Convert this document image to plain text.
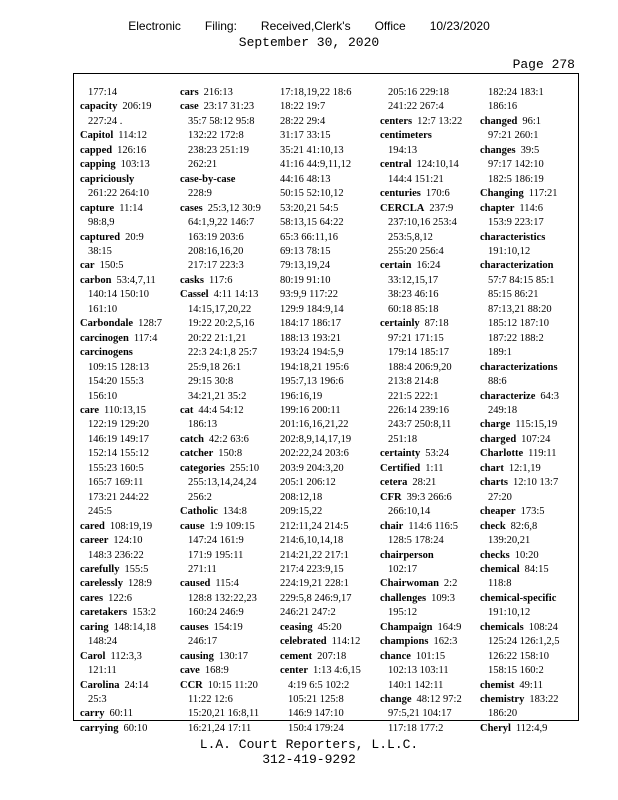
Electronic Filing: Received,Clerk's Office 10/23/2020
September 30, 2020
Page 278
177:14
capacity 206:19
227:24 .
Capitol 114:12
capped 126:16
capping 103:13
capriciously
261:22 264:10
capture 11:14
98:8,9
captured 20:9
38:15
car 150:5
carbon 53:4,7,11
140:14 150:10
161:10
Carbondale 128:7
carcinogen 117:4
carcinogens
109:15 128:13
154:20 155:3
156:10
care 110:13,15
122:19 129:20
146:19 149:17
152:14 155:12
155:23 160:5
165:7 169:11
173:21 244:22
245:5
cared 108:19,19
career 124:10
148:3 236:22
carefully 155:5
carelessly 128:9
cares 122:6
caretakers 153:2
caring 148:14,18
148:24
Carol 112:3,3
121:11
Carolina 24:14
25:3
carry 60:11
carrying 60:10
cars 216:13
case 23:17 31:23
35:7 58:12 95:8
132:22 172:8
238:23 251:19
262:21
case-by-case
228:9
cases 25:3,12 30:9
64:1,9,22 146:7
163:19 203:6
208:16,16,20
217:17 223:3
casks 117:6
Cassel 4:11 14:13
14:15,17,20,22
19:22 20:2,5,16
20:22 21:1,21
22:3 24:1,8 25:7
25:9,18 26:1
29:15 30:8
34:21,21 35:2
cat 44:4 54:12
186:13
catch 42:2 63:6
catcher 150:8
categories 255:10
255:13,14,24,24
256:2
Catholic 134:8
cause 1:9 109:15
147:24 161:9
171:9 195:11
271:11
caused 115:4
128:8 132:22,23
160:24 246:9
causes 154:19
246:17
causing 130:17
cave 168:9
CCR 10:15 11:20
11:22 12:6
15:20,21 16:8,11
16:21,24 17:11
17:18,19,22 18:6
18:22 19:7
28:22 29:4
31:17 33:15
35:21 41:10,13
41:16 44:9,11,12
44:16 48:13
50:15 52:10,12
53:20,21 54:5
58:13,15 64:22
65:3 66:11,16
69:13 78:15
79:13,19,24
80:19 91:10
93:9,9 117:22
129:9 184:9,14
184:17 186:17
188:13 193:21
193:24 194:5,9
194:18,21 195:6
195:7,13 196:6
196:16,19
199:16 200:11
201:16,16,21,22
202:8,9,14,17,19
202:22,24 203:6
203:9 204:3,20
205:1 206:12
208:12,18
209:15,22
212:11,24 214:5
214:6,10,14,18
214:21,22 217:1
217:4 223:9,15
224:19,21 228:1
229:5,8 246:9,17
246:21 247:2
ceasing 45:20
celebrated 114:12
cement 207:18
center 1:13 4:6,15
4:19 6:5 102:2
105:21 125:8
146:9 147:10
150:4 179:24
205:16 229:18
241:22 267:4
centers 12:7 13:22
centimeters
194:13
central 124:10,14
144:4 151:21
centuries 170:6
CERCLA 237:9
237:10,16 253:4
253:5,8,12
255:20 256:4
certain 16:24
33:12,15,17
38:23 46:16
60:18 85:18
certainly 87:18
97:21 171:15
179:14 185:17
188:4 206:9,20
213:8 214:8
221:5 222:1
226:14 239:16
243:7 250:8,11
251:18
certainty 53:24
Certified 1:11
cetera 28:21
CFR 39:3 266:6
266:10,14
chair 114:6 116:5
128:5 178:24
chairperson
102:17
Chairwoman 2:2
challenges 109:3
195:12
Champaign 164:9
champions 162:3
chance 101:15
102:13 103:11
140:1 142:11
change 48:12 97:2
97:5,21 104:17
117:18 177:2
182:24 183:1
186:16
changed 96:1
97:21 260:1
changes 39:5
97:17 142:10
182:5 186:19
Changing 117:21
chapter 114:6
153:9 223:17
characteristics
191:10,12
characterization
57:7 84:15 85:1
85:15 86:21
87:13,21 88:20
185:12 187:10
187:22 188:2
189:1
characterizations
88:6
characterize 64:3
249:18
charge 115:15,19
charged 107:24
Charlotte 119:11
chart 12:1,19
charts 12:10 13:7
27:20
cheaper 173:5
check 82:6,8
139:20,21
checks 10:20
chemical 84:15
118:8
chemical-specific
191:10,12
chemicals 108:24
125:24 126:1,2,5
126:22 158:10
158:15 160:2
chemist 49:11
chemistry 183:22
186:20
Cheryl 112:4,9
L.A. Court Reporters, L.L.C.
312-419-9292
